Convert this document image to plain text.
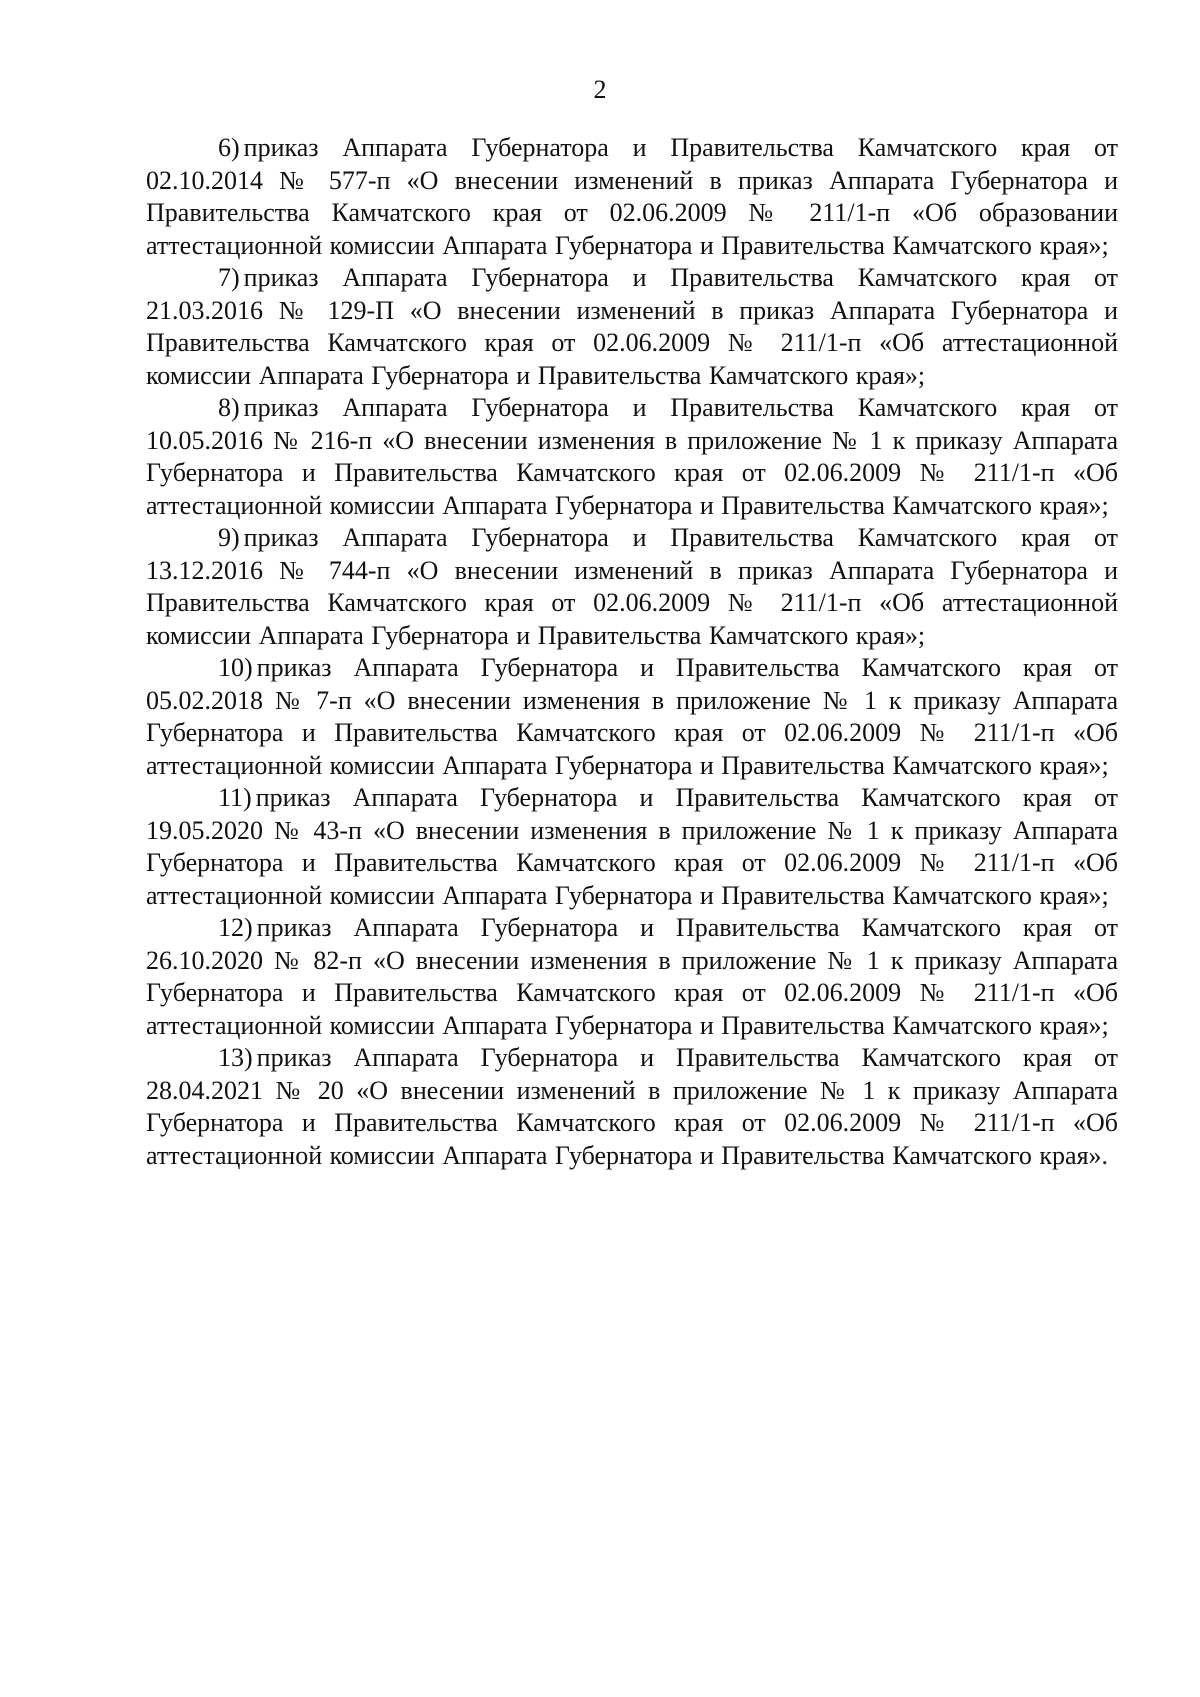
2

6) приказ Аппарата Губернатора и Правительства Камчатского края от 02.10.2014 № 577-п «О внесении изменений в приказ Аппарата Губернатора и Правительства Камчатского края от 02.06.2009 № 211/1-п «Об образовании аттестационной комиссии Аппарата Губернатора и Правительства Камчатского края»;

7) приказ Аппарата Губернатора и Правительства Камчатского края от 21.03.2016 № 129-П «О внесении изменений в приказ Аппарата Губернатора и Правительства Камчатского края от 02.06.2009 № 211/1-п «Об аттестационной комиссии Аппарата Губернатора и Правительства Камчатского края»;

8) приказ Аппарата Губернатора и Правительства Камчатского края от 10.05.2016 № 216-п «О внесении изменения в приложение № 1 к приказу Аппарата Губернатора и Правительства Камчатского края от 02.06.2009 № 211/1-п «Об аттестационной комиссии Аппарата Губернатора и Правительства Камчатского края»;

9) приказ Аппарата Губернатора и Правительства Камчатского края от 13.12.2016 № 744-п «О внесении изменений в приказ Аппарата Губернатора и Правительства Камчатского края от 02.06.2009 № 211/1-п «Об аттестационной комиссии Аппарата Губернатора и Правительства Камчатского края»;

10) приказ Аппарата Губернатора и Правительства Камчатского края от 05.02.2018 № 7-п «О внесении изменения в приложение № 1 к приказу Аппарата Губернатора и Правительства Камчатского края от 02.06.2009 № 211/1-п «Об аттестационной комиссии Аппарата Губернатора и Правительства Камчатского края»;

11) приказ Аппарата Губернатора и Правительства Камчатского края от 19.05.2020 № 43-п «О внесении изменения в приложение № 1 к приказу Аппарата Губернатора и Правительства Камчатского края от 02.06.2009 № 211/1-п «Об аттестационной комиссии Аппарата Губернатора и Правительства Камчатского края»;

12) приказ Аппарата Губернатора и Правительства Камчатского края от 26.10.2020 № 82-п «О внесении изменения в приложение № 1 к приказу Аппарата Губернатора и Правительства Камчатского края от 02.06.2009 № 211/1-п «Об аттестационной комиссии Аппарата Губернатора и Правительства Камчатского края»;

13) приказ Аппарата Губернатора и Правительства Камчатского края от 28.04.2021 № 20 «О внесении изменений в приложение № 1 к приказу Аппарата Губернатора и Правительства Камчатского края от 02.06.2009 № 211/1-п «Об аттестационной комиссии Аппарата Губернатора и Правительства Камчатского края».
